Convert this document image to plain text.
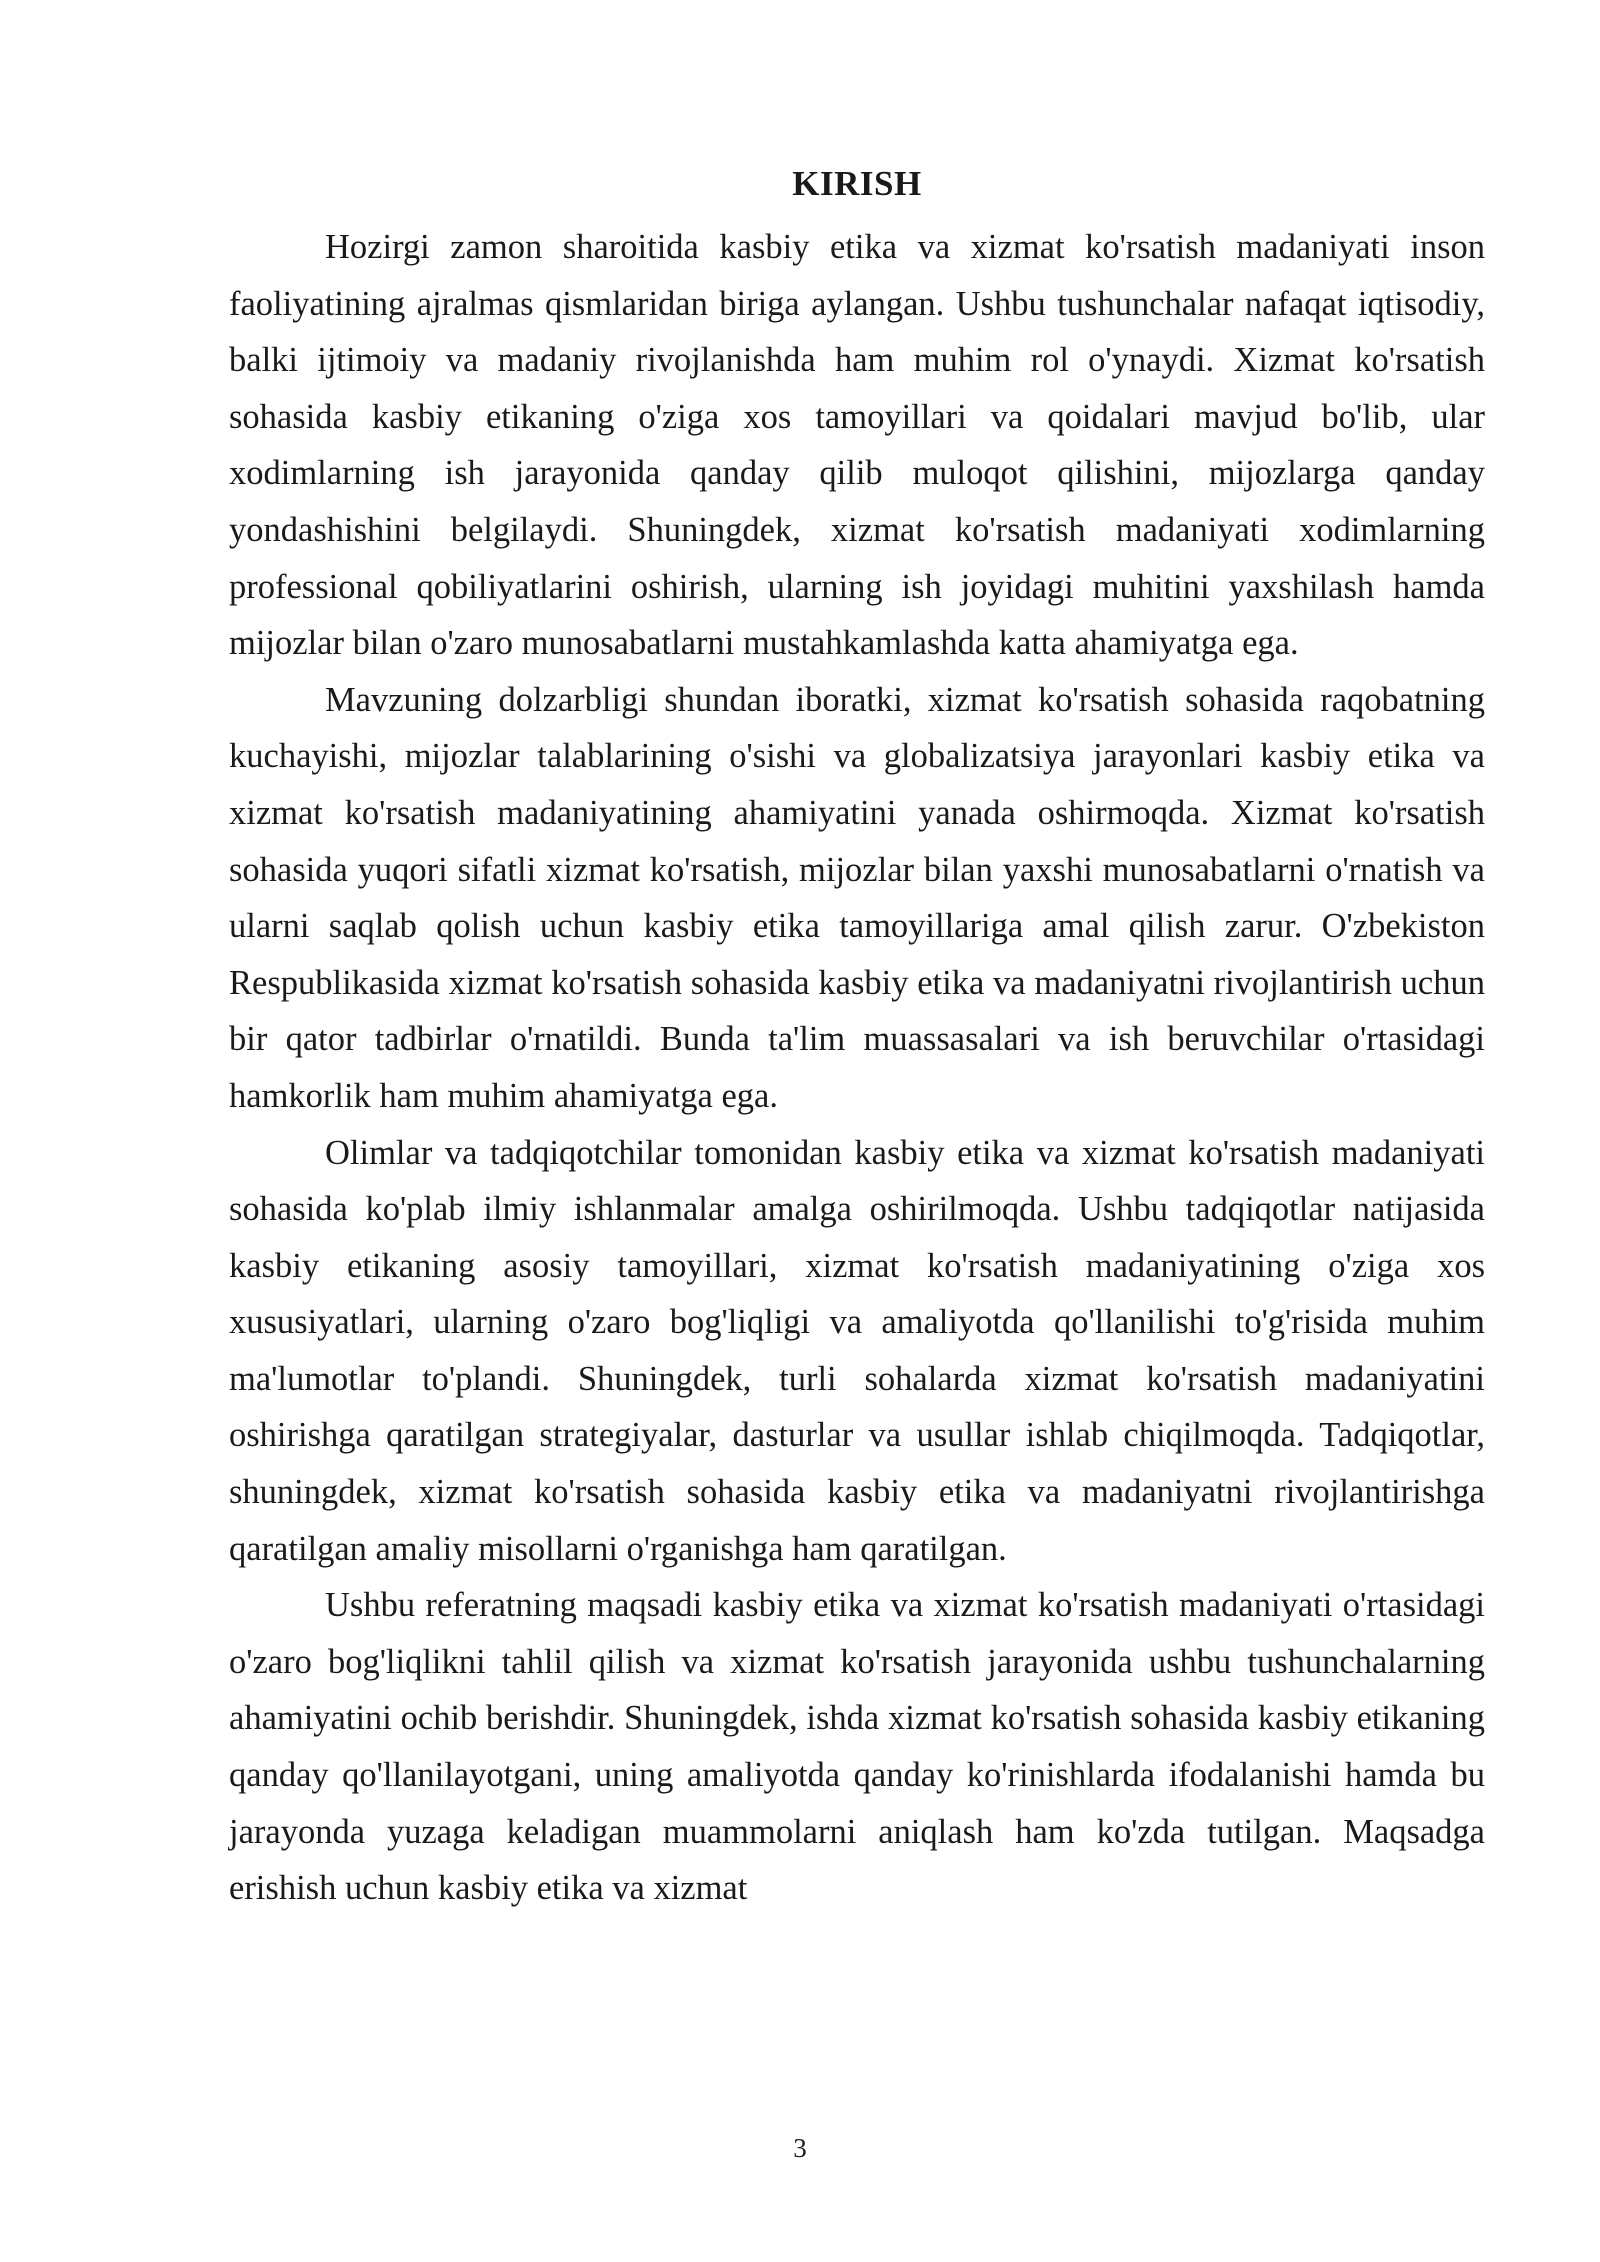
KIRISH

Hozirgi zamon sharoitida kasbiy etika va xizmat ko'rsatish madaniyati inson faoliyatining ajralmas qismlaridan biriga aylangan. Ushbu tushunchalar nafaqat iqtisodiy, balki ijtimoiy va madaniy rivojlanishda ham muhim rol o'ynaydi. Xizmat ko'rsatish sohasida kasbiy etikaning o'ziga xos tamoyillari va qoidalari mavjud bo'lib, ular xodimlarning ish jarayonida qanday qilib muloqot qilishini, mijozlarga qanday yondashishini belgilaydi. Shuningdek, xizmat ko'rsatish madaniyati xodimlarning professional qobiliyatlarini oshirish, ularning ish joyidagi muhitini yaxshilash hamda mijozlar bilan o'zaro munosabatlarni mustahkamlashda katta ahamiyatga ega.

Mavzuning dolzarbligi shundan iboratki, xizmat ko'rsatish sohasida raqobatning kuchayishi, mijozlar talablarining o'sishi va globalizatsiya jarayonlari kasbiy etika va xizmat ko'rsatish madaniyatining ahamiyatini yanada oshirmoqda. Xizmat ko'rsatish sohasida yuqori sifatli xizmat ko'rsatish, mijozlar bilan yaxshi munosabatlarni o'rnatish va ularni saqlab qolish uchun kasbiy etika tamoyillariga amal qilish zarur. O'zbekiston Respublikasida xizmat ko'rsatish sohasida kasbiy etika va madaniyatni rivojlantirish uchun bir qator tadbirlar o'rnatildi. Bunda ta'lim muassasalari va ish beruvchilar o'rtasidagi hamkorlik ham muhim ahamiyatga ega.

Olimlar va tadqiqotchilar tomonidan kasbiy etika va xizmat ko'rsatish madaniyati sohasida ko'plab ilmiy ishlanmalar amalga oshirilmoqda. Ushbu tadqiqotlar natijasida kasbiy etikaning asosiy tamoyillari, xizmat ko'rsatish madaniyatining o'ziga xos xususiyatlari, ularning o'zaro bog'liqligi va amaliyotda qo'llanilishi to'g'risida muhim ma'lumotlar to'plandi. Shuningdek, turli sohalarda xizmat ko'rsatish madaniyatini oshirishga qaratilgan strategiyalar, dasturlar va usullar ishlab chiqilmoqda. Tadqiqotlar, shuningdek, xizmat ko'rsatish sohasida kasbiy etika va madaniyatni rivojlantirishga qaratilgan amaliy misollarni o'rganishga ham qaratilgan.

Ushbu referatning maqsadi kasbiy etika va xizmat ko'rsatish madaniyati o'rtasidagi o'zaro bog'liqlikni tahlil qilish va xizmat ko'rsatish jarayonida ushbu tushunchalarning ahamiyatini ochib berishdir. Shuningdek, ishda xizmat ko'rsatish sohasida kasbiy etikaning qanday qo'llanilayotgani, uning amaliyotda qanday ko'rinishlarda ifodalanishi hamda bu jarayonda yuzaga keladigan muammolarni aniqlash ham ko'zda tutilgan. Maqsadga erishish uchun kasbiy etika va xizmat

3
